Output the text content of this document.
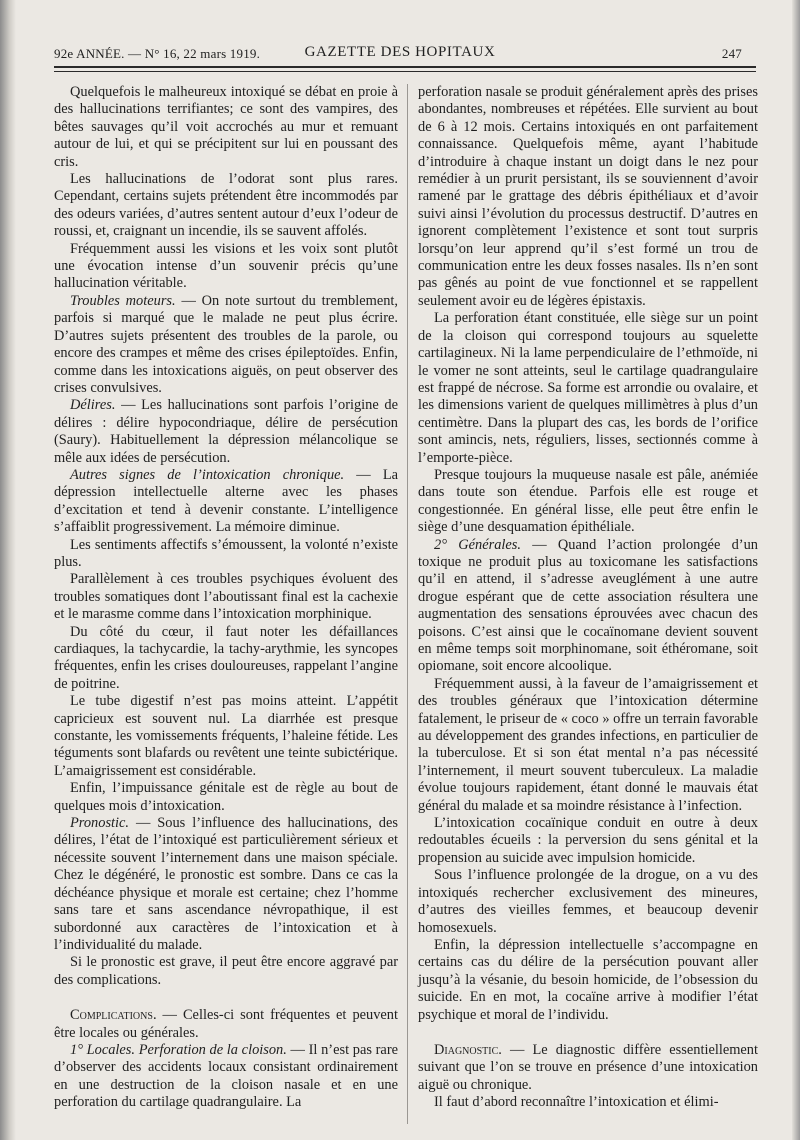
92e ANNÉE. — N° 16, 22 mars 1919.	GAZETTE DES HOPITAUX	247

Quelquefois le malheureux intoxiqué se débat en proie à des hallucinations terrifiantes; ce sont des vampires, des bêtes sauvages qu’il voit accrochés au mur et remuant autour de lui, et qui se précipitent sur lui en poussant des cris.

Les hallucinations de l’odorat sont plus rares. Cependant, certains sujets prétendent être incommodés par des odeurs variées, d’autres sentent autour d’eux l’odeur de roussi, et, craignant un incendie, ils se sauvent affolés.

Fréquemment aussi les visions et les voix sont plutôt une évocation intense d’un souvenir précis qu’une hallucination véritable.

Troubles moteurs. — On note surtout du tremblement, parfois si marqué que le malade ne peut plus écrire. D’autres sujets présentent des troubles de la parole, ou encore des crampes et même des crises épileptoïdes. Enfin, comme dans les intoxications aiguës, on peut observer des crises convulsives.

Délires. — Les hallucinations sont parfois l’origine de délires : délire hypocondriaque, délire de persécution (Saury). Habituellement la dépression mélancolique se mêle aux idées de persécution.

Autres signes de l’intoxication chronique. — La dépression intellectuelle alterne avec les phases d’excitation et tend à devenir constante. L’intelligence s’affaiblit progressivement. La mémoire diminue.

Les sentiments affectifs s’émoussent, la volonté n’existe plus.

Parallèlement à ces troubles psychiques évoluent des troubles somatiques dont l’aboutissant final est la cachexie et le marasme comme dans l’intoxication morphinique.

Du côté du cœur, il faut noter les défaillances cardiaques, la tachycardie, la tachy-arythmie, les syncopes fréquentes, enfin les crises douloureuses, rappelant l’angine de poitrine.

Le tube digestif n’est pas moins atteint. L’appétit capricieux est souvent nul. La diarrhée est presque constante, les vomissements fréquents, l’haleine fétide. Les téguments sont blafards ou revêtent une teinte subictérique. L’amaigrissement est considérable.

Enfin, l’impuissance génitale est de règle au bout de quelques mois d’intoxication.

Pronostic. — Sous l’influence des hallucinations, des délires, l’état de l’intoxiqué est particulièrement sérieux et nécessite souvent l’internement dans une maison spéciale. Chez le dégénéré, le pronostic est sombre. Dans ce cas la déchéance physique et morale est certaine; chez l’homme sans tare et sans ascendance névropathique, il est subordonné aux caractères de l’intoxication et à l’individualité du malade.

Si le pronostic est grave, il peut être encore aggravé par des complications.

Complications. — Celles-ci sont fréquentes et peuvent être locales ou générales.

1° Locales. Perforation de la cloison. — Il n’est pas rare d’observer des accidents locaux consistant ordinairement en une destruction de la cloison nasale et en une perforation du cartilage quadrangulaire. La

perforation nasale se produit généralement après des prises abondantes, nombreuses et répétées. Elle survient au bout de 6 à 12 mois. Certains intoxiqués en ont parfaitement connaissance. Quelquefois même, ayant l’habitude d’introduire à chaque instant un doigt dans le nez pour remédier à un prurit persistant, ils se souviennent d’avoir ramené par le grattage des débris épithéliaux et d’avoir suivi ainsi l’évolution du processus destructif. D’autres en ignorent complètement l’existence et sont tout surpris lorsqu’on leur apprend qu’il s’est formé un trou de communication entre les deux fosses nasales. Ils n’en sont pas gênés au point de vue fonctionnel et se rappellent seulement avoir eu de légères épistaxis.

La perforation étant constituée, elle siège sur un point de la cloison qui correspond toujours au squelette cartilagineux. Ni la lame perpendiculaire de l’ethmoïde, ni le vomer ne sont atteints, seul le cartilage quadrangulaire est frappé de nécrose. Sa forme est arrondie ou ovalaire, et les dimensions varient de quelques millimètres à plus d’un centimètre. Dans la plupart des cas, les bords de l’orifice sont amincis, nets, réguliers, lisses, sectionnés comme à l’emporte-pièce.

Presque toujours la muqueuse nasale est pâle, anémiée dans toute son étendue. Parfois elle est rouge et congestionnée. En général lisse, elle peut être enfin le siège d’une desquamation épithéliale.

2° Générales. — Quand l’action prolongée d’un toxique ne produit plus au toxicomane les satisfactions qu’il en attend, il s’adresse aveuglément à une autre drogue espérant que de cette association résultera une augmentation des sensations éprouvées avec chacun des poisons. C’est ainsi que le cocaïnomane devient souvent en même temps soit morphinomane, soit éthéromane, soit opiomane, soit encore alcoolique.

Fréquemment aussi, à la faveur de l’amaigrissement et des troubles généraux que l’intoxication détermine fatalement, le priseur de « coco » offre un terrain favorable au développement des grandes infections, en particulier de la tuberculose. Et si son état mental n’a pas nécessité l’internement, il meurt souvent tuberculeux. La maladie évolue toujours rapidement, étant donné le mauvais état général du malade et sa moindre résistance à l’infection.

L’intoxication cocaïnique conduit en outre à deux redoutables écueils : la perversion du sens génital et la propension au suicide avec impulsion homicide.

Sous l’influence prolongée de la drogue, on a vu des intoxiqués rechercher exclusivement des mineures, d’autres des vieilles femmes, et beaucoup devenir homosexuels.

Enfin, la dépression intellectuelle s’accompagne en certains cas du délire de la persécution pouvant aller jusqu’à la vésanie, du besoin homicide, de l’obsession du suicide. En en mot, la cocaïne arrive à modifier l’état psychique et moral de l’individu.

Diagnostic. — Le diagnostic diffère essentiellement suivant que l’on se trouve en présence d’une intoxication aiguë ou chronique.

Il faut d’abord reconnaître l’intoxication et élimi-
